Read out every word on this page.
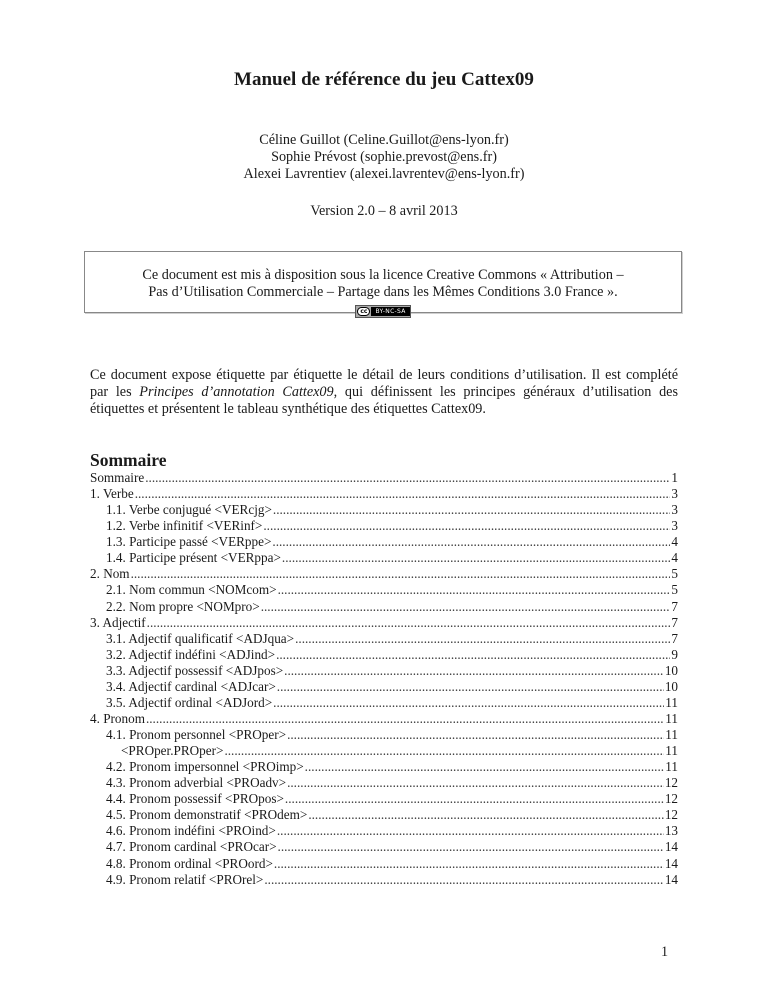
Manuel de référence du jeu Cattex09
Céline Guillot (Celine.Guillot@ens-lyon.fr)
Sophie Prévost (sophie.prevost@ens.fr)
Alexei Lavrentiev (alexei.lavrentev@ens-lyon.fr)
Version 2.0 – 8 avril 2013
Ce document est mis à disposition sous la licence Creative Commons « Attribution –
Pas d’Utilisation Commerciale – Partage dans les Mêmes Conditions 3.0 France ».
cc	BY-NC-SA

Ce document expose étiquette par étiquette le détail de leurs conditions d’utilisation. Il est complété par les Principes d’annotation Cattex09, qui définissent les principes généraux d’utilisation des étiquettes et présentent le tableau synthétique des étiquettes Cattex09.

Sommaire
Sommaire .....	1
1. Verbe .....	3
1.1. Verbe conjugué <VERcjg> .....	3
1.2. Verbe infinitif <VERinf> .....	3
1.3. Participe passé <VERppe> .....	4
1.4. Participe présent <VERppa> .....	4
2. Nom .....	5
2.1. Nom commun <NOMcom> .....	5
2.2. Nom propre <NOMpro> .....	7
3. Adjectif .....	7
3.1. Adjectif qualificatif <ADJqua> .....	7
3.2. Adjectif indéfini <ADJind> .....	9
3.3. Adjectif possessif <ADJpos> .....	10
3.4. Adjectif cardinal <ADJcar> .....	10
3.5. Adjectif ordinal <ADJord> .....	11
4. Pronom .....	11
4.1. Pronom personnel <PROper> .....	11
<PROper.PROper> .....	11
4.2. Pronom impersonnel <PROimp> .....	11
4.3. Pronom adverbial <PROadv> .....	12
4.4. Pronom possessif <PROpos> .....	12
4.5. Pronom demonstratif <PROdem> .....	12
4.6. Pronom indéfini <PROind> .....	13
4.7. Pronom cardinal <PROcar> .....	14
4.8. Pronom ordinal <PROord> .....	14
4.9. Pronom relatif <PROrel> .....	14
1
